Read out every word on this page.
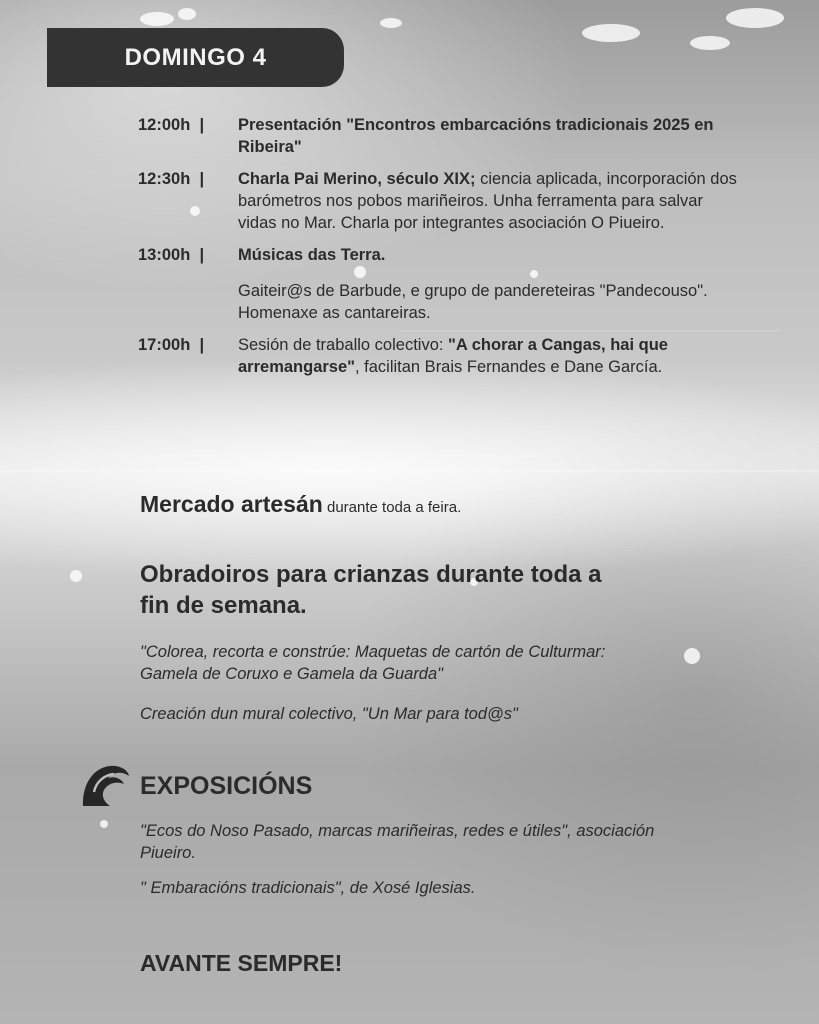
DOMINGO 4
12:00h |	Presentación "Encontros embarcacións tradicionais 2025 en Ribeira"
12:30h |	Charla Pai Merino, século XIX; ciencia aplicada, incorporación dos barómetros nos pobos mariñeiros. Unha ferramenta para salvar vidas no Mar. Charla por integrantes asociación O Piueiro.
13:00h |	Músicas das Terra.
Gaiteir@s de Barbude, e grupo de pandereteiras "Pandecouso". Homenaxe as cantareiras.
17:00h |	Sesión de traballo colectivo: "A chorar a Cangas, hai que arremangarse", facilitan Brais Fernandes e Dane García.
Mercado artesán durante toda a feira.
Obradoiros para crianzas durante toda a fin de semana.
"Colorea, recorta e constrúe: Maquetas de cartón de Culturmar: Gamela de Coruxo e Gamela da Guarda"
Creación dun mural colectivo, "Un Mar para tod@s"
EXPOSICIÓNS
"Ecos do Noso Pasado, marcas mariñeiras, redes e útiles", asociación Piueiro.
" Embaracións tradicionais", de Xosé Iglesias.
AVANTE SEMPRE!
